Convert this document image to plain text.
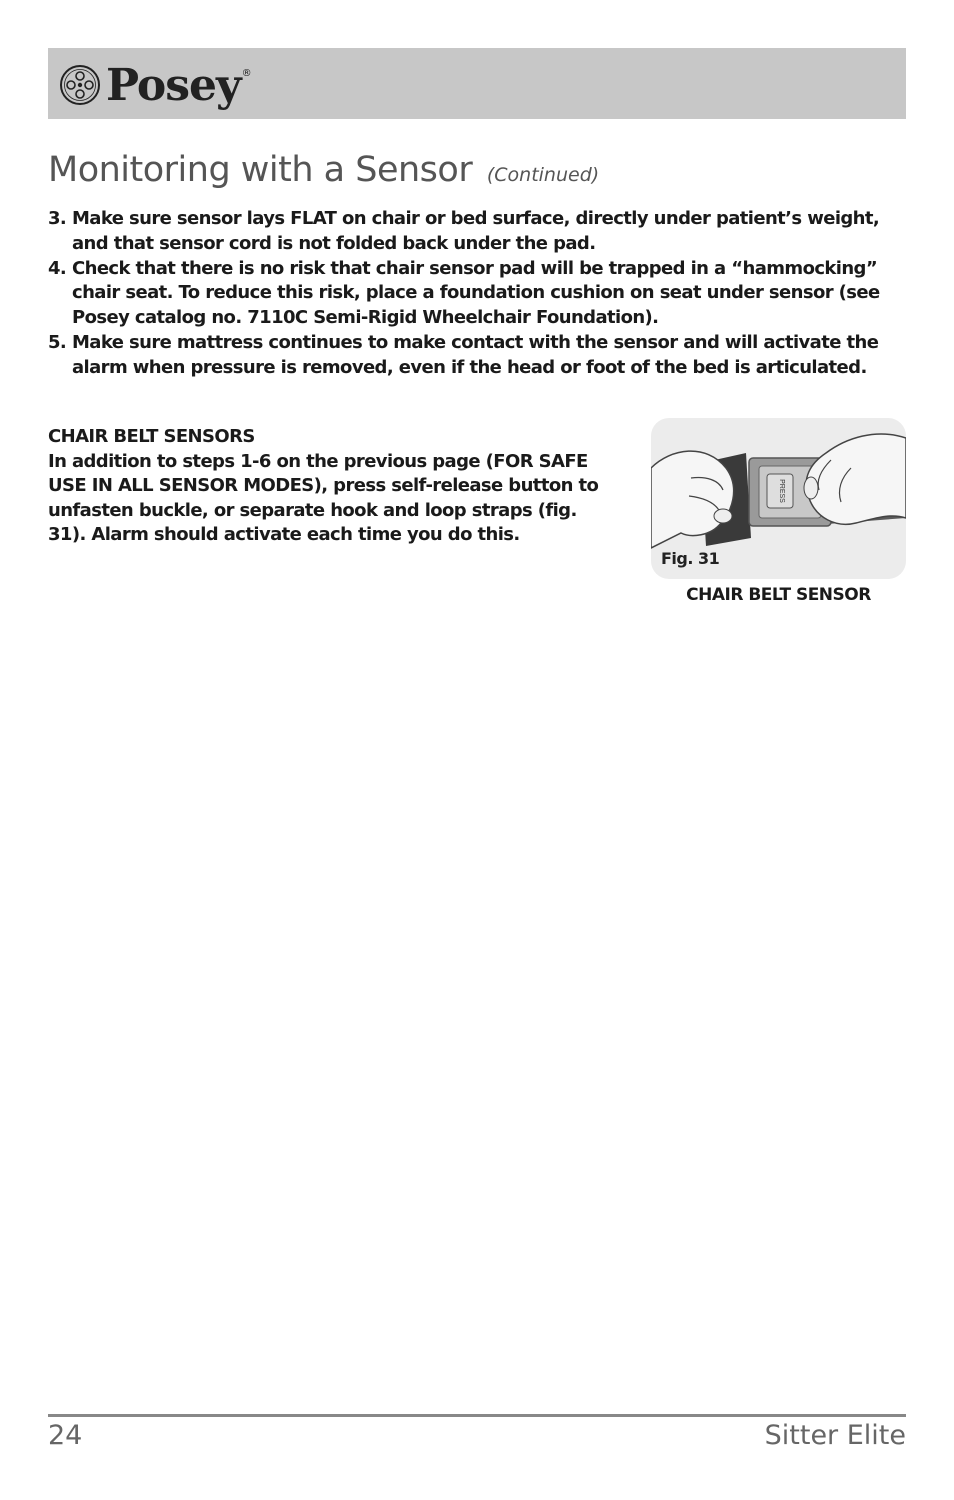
Posey ®
Monitoring with a Sensor (Continued)
3. Make sure sensor lays FLAT on chair or bed surface, directly under patient’s weight, and that sensor cord is not folded back under the pad.
4. Check that there is no risk that chair sensor pad will be trapped in a “hammocking” chair seat. To reduce this risk, place a foundation cushion on seat under sensor (see Posey catalog no. 7110C Semi-Rigid Wheelchair Foundation).
5. Make sure mattress continues to make contact with the sensor and will activate the alarm when pressure is removed, even if the head or foot of the bed is articulated.

CHAIR BELT SENSORS

In addition to steps 1-6 on the previous page (FOR SAFE USE IN ALL SENSOR MODES), press self-release button to unfasten buckle, or separate hook and loop straps (fig. 31). Alarm should activate each time you do this.

PRESS
Fig. 31
CHAIR BELT SENSOR
24	Sitter Elite
